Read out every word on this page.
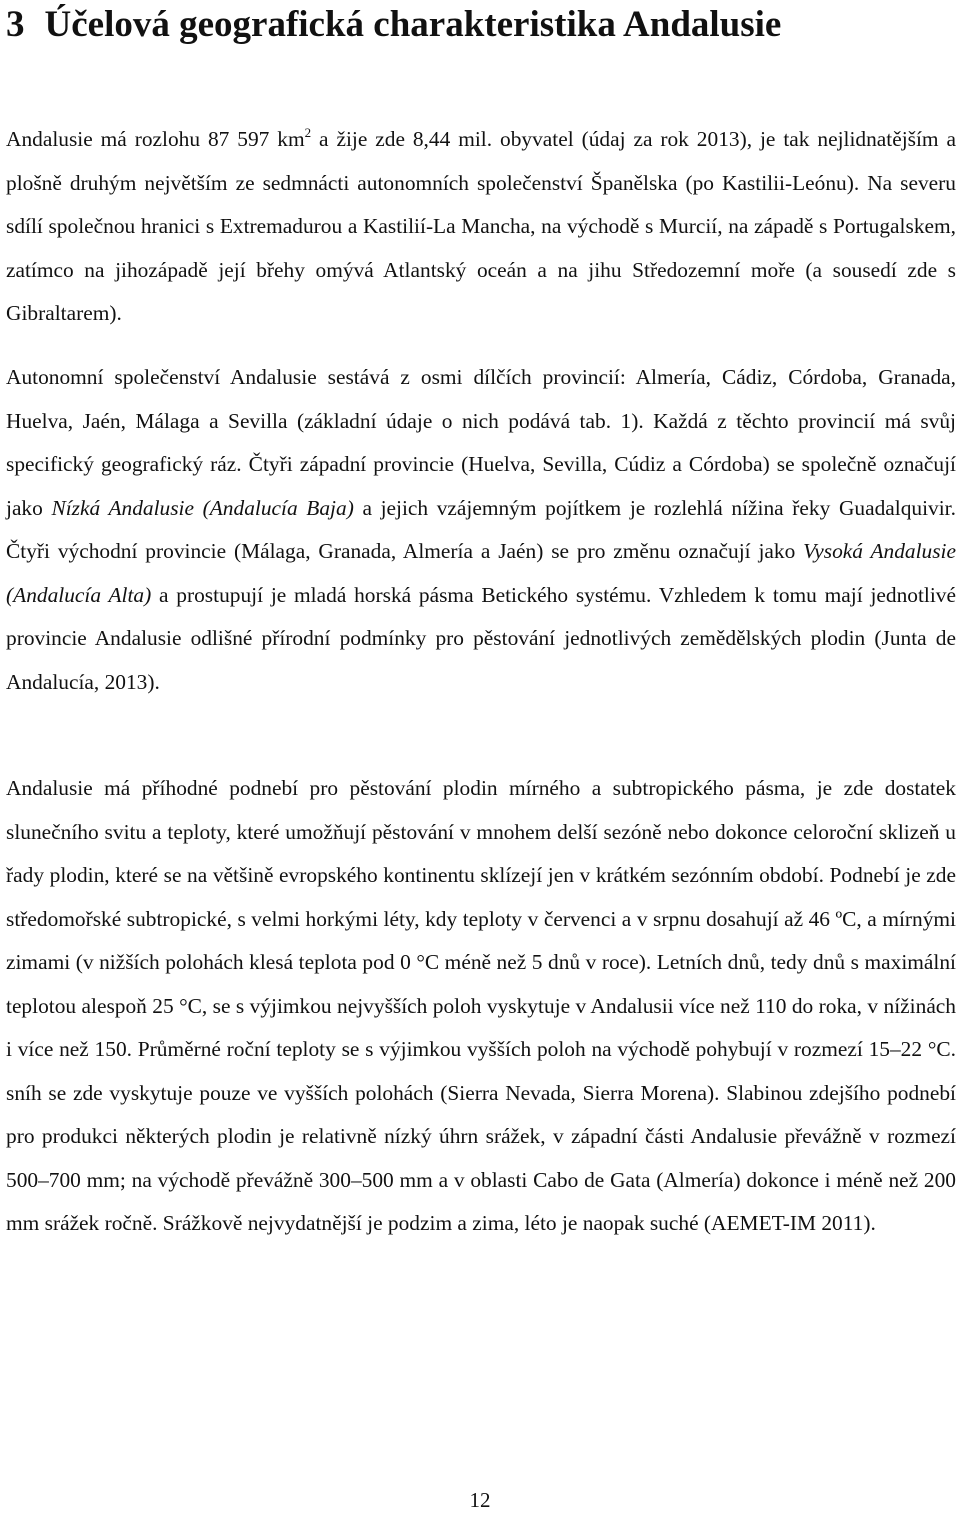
3 Účelová geografická charakteristika Andalusie

Andalusie má rozlohu 87 597 $km^2$ a žije zde 8,44 mil. obyvatel (údaj za rok 2013), je tak nejlidnatějším a plošně druhým největším ze sedmnácti autonomních společenství Španělska (po Kastilii-Leónu). Na severu sdílí společnou hranici s Extremadurou a Kastilií-La Mancha, na východě s Murcií, na západě s Portugalskem, zatímco na jihozápadě její břehy omývá Atlantský oceán a na jihu Středozemní moře (a sousedí zde s Gibraltarem).

Autonomní společenství Andalusie sestává z osmi dílčích provincií: Almería, Cádiz, Córdoba, Granada, Huelva, Jaén, Málaga a Sevilla (základní údaje o nich podává tab. 1). Každá z těchto provincií má svůj specifický geografický ráz. Čtyři západní provincie (Huelva, Sevilla, Cúdiz a Córdoba) se společně označují jako Nízká Andalusie (Andalucía Baja) a jejich vzájemným pojítkem je rozlehlá nížina řeky Guadalquivir. Čtyři východní provincie (Málaga, Granada, Almería a Jaén) se pro změnu označují jako Vysoká Andalusie (Andalucía Alta) a prostupují je mladá horská pásma Betického systému. Vzhledem k tomu mají jednotlivé provincie Andalusie odlišné přírodní podmínky pro pěstování jednotlivých zemědělských plodin (Junta de Andalucía, 2013).

Andalusie má příhodné podnebí pro pěstování plodin mírného a subtropického pásma, je zde dostatek slunečního svitu a teploty, které umožňují pěstování v mnohem delší sezóně nebo dokonce celoroční sklizeň u řady plodin, které se na většině evropského kontinentu sklízejí jen v krátkém sezónním období. Podnebí je zde středomořské subtropické, s velmi horkými léty, kdy teploty v červenci a v srpnu dosahují až 46 ºC, a mírnými zimami (v nižších polohách klesá teplota pod 0 °C méně než 5 dnů v roce). Letních dnů, tedy dnů s maximální teplotou alespoň 25 °C, se s výjimkou nejvyšších poloh vyskytuje v Andalusii více než 110 do roka, v nížinách i více než 150. Průměrné roční teploty se s výjimkou vyšších poloh na východě pohybují v rozmezí 15–22 °C. sníh se zde vyskytuje pouze ve vyšších polohách (Sierra Nevada, Sierra Morena). Slabinou zdejšího podnebí pro produkci některých plodin je relativně nízký úhrn srážek, v západní části Andalusie převážně v rozmezí 500–700 mm; na východě převážně 300–500 mm a v oblasti Cabo de Gata (Almería) dokonce i méně než 200 mm srážek ročně. Srážkově nejvydatnější je podzim a zima, léto je naopak suché (AEMET-IM 2011).

12
